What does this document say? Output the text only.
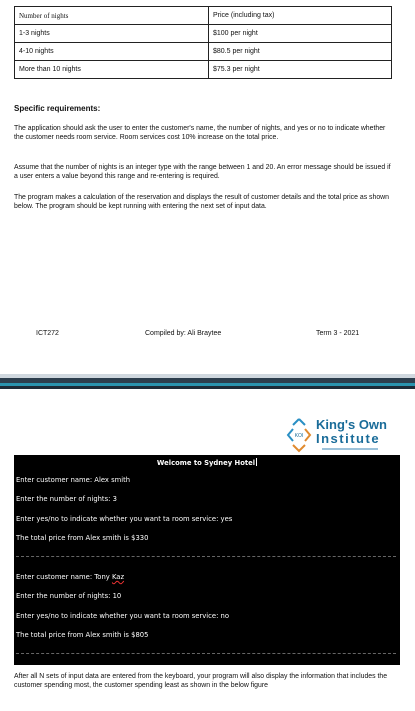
Number of nights	Price (including tax)
1-3 nights	$100 per night
4-10 nights	$80.5 per night
More than 10 nights	$75.3 per night
Specific requirements:

The application should ask the user to enter the customer's name, the number of nights, and yes or no to indicate whether the customer needs room service. Room services cost 10% increase on the total price.

Assume that the number of nights is an integer type with the range between 1 and 20. An error message should be issued if a user enters a value beyond this range and re-entering is required.

The program makes a calculation of the reservation and displays the result of customer details and the total price as shown below. The program should be kept running with entering the next set of input data.

ICT272	Compiled by: Ali Braytee	Term 3 - 2021
KOI
King's Own
Institute
Welcome to Sydney Hotel
Enter customer name: Alex smith
Enter the number of nights: 3
Enter yes/no to indicate whether you want ta room service: yes
The total price from Alex smith is $330
Enter customer name: Tony Kaz
Enter the number of nights: 10
Enter yes/no to indicate whether you want ta room service: no
The total price from Alex smith is $805

After all N sets of input data are entered from the keyboard, your program will also display the information that includes the customer spending most, the customer spending least as shown in the below figure
